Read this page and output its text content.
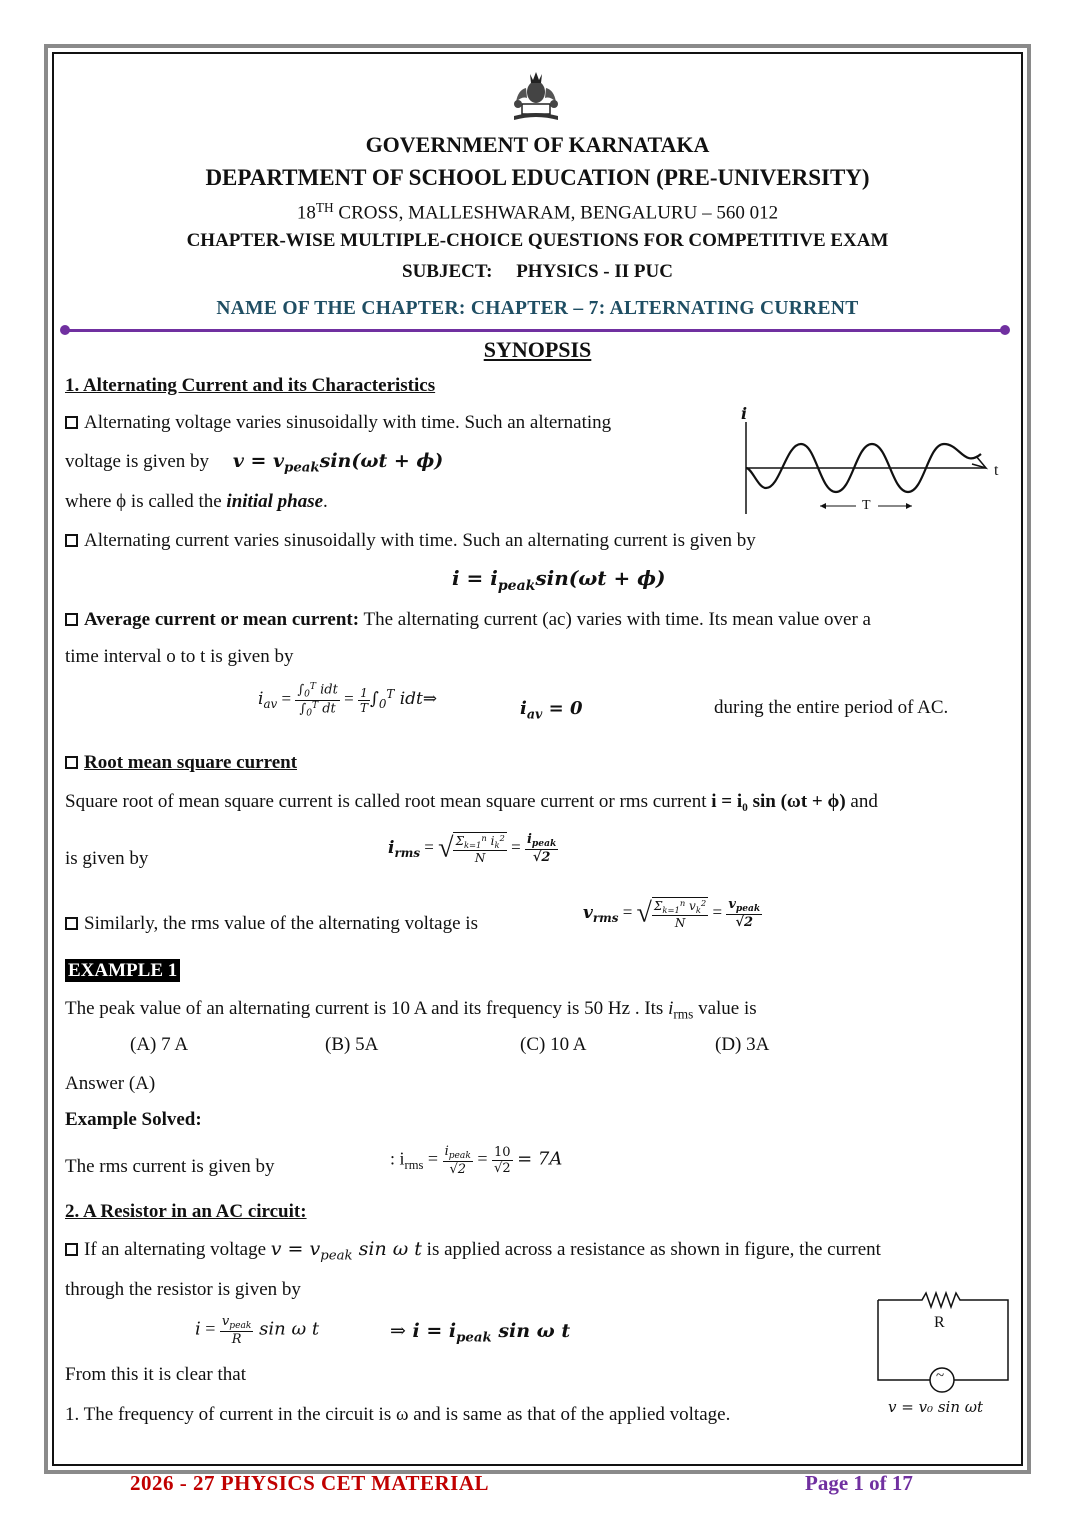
GOVERNMENT OF KARNATAKA
DEPARTMENT OF SCHOOL EDUCATION (PRE-UNIVERSITY)
18TH CROSS, MALLESHWARAM, BENGALURU – 560 012
CHAPTER-WISE MULTIPLE-CHOICE QUESTIONS FOR COMPETITIVE EXAM
SUBJECT: PHYSICS - II PUC
NAME OF THE CHAPTER: CHAPTER – 7: ALTERNATING CURRENT
SYNOPSIS
1. Alternating Current and its Characteristics
Alternating voltage varies sinusoidally with time. Such an alternating
voltage is given by $v = v_{peak}\sin(\omega t + \phi)$
where ϕ is called the initial phase.
i
t
T
Alternating current varies sinusoidally with time. Such an alternating current is given by
$i = i_{peak}\sin(\omega t + \phi)$
Average current or mean current: The alternating current (ac) varies with time. Its mean value over a
time interval o to t is given by
$i_{av} = \frac{\int_0^T idt}{\int_0^T dt} = \frac{1}{T} \int_0^T$ idt⇒	$i_{av} = 0$	during the entire period of AC.
Root mean square current
Square root of mean square current is called root mean square current or rms current i = i₀ sin (ωt + ϕ) and
is given by
$i_{rms}$ = √ $\frac{\Sigma_{k=1}^n i_k^2}{N} = \frac{i_{peak}}{√2}$
Similarly, the rms value of the alternating voltage is
$v_{rms}$ = √ $\frac{\Sigma_{k=1}^n v_k^2}{N} = \frac{v_{peak}}{√2}$
EXAMPLE 1
The peak value of an alternating current is 10 A and its frequency is 50 Hz . Its $i_{rms}$ value is
(A) 7 A	(B) 5A	(C) 10 A	(D) 3A
Answer (A)
Example Solved:
The rms current is given by	: $i_{rms} = \frac{i_{peak}}{√2} = \frac{10}{√2} = 7A$
2. A Resistor in an AC circuit:
If an alternating voltage $v = v_{peak}$ sin ω t is applied across a resistance as shown in figure, the current
through the resistor is given by
$i = \frac{v_{peak}}{R}$ sin ω t	⇒ $i = i_{peak}$ sin ω t
From this it is clear that
1. The frequency of current in the circuit is ω and is same as that of the applied voltage.
R
~
v = v₀ sin ωt
2026 - 27 PHYSICS CET MATERIAL	Page 1 of 17
